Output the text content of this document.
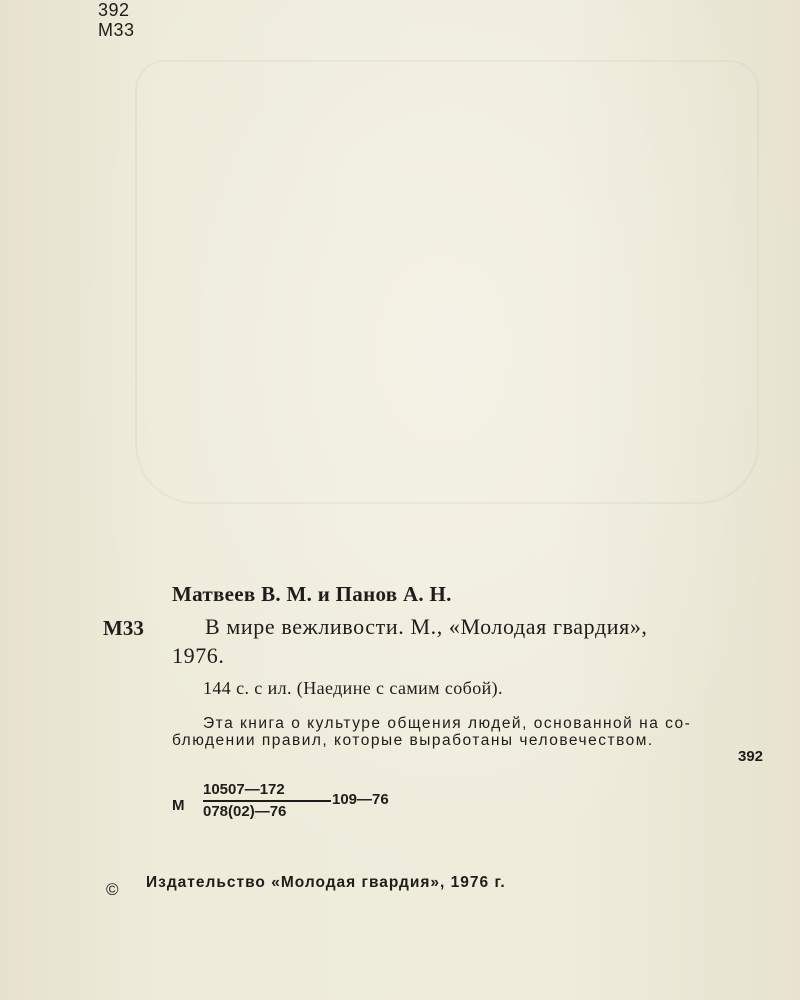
392
М33
Матвеев В. М. и Панов А. Н.
М33	В мире вежливости. М., «Молодая гвардия»,
1976.
144 с. с ил. (Наедине с самим собой).
Эта книга о культуре общения людей, основанной на со-
блюдении правил, которые выработаны человечеством.
392
М
10507—172
078(02)—76
109—76
© Издательство «Молодая гвардия», 1976 г.
